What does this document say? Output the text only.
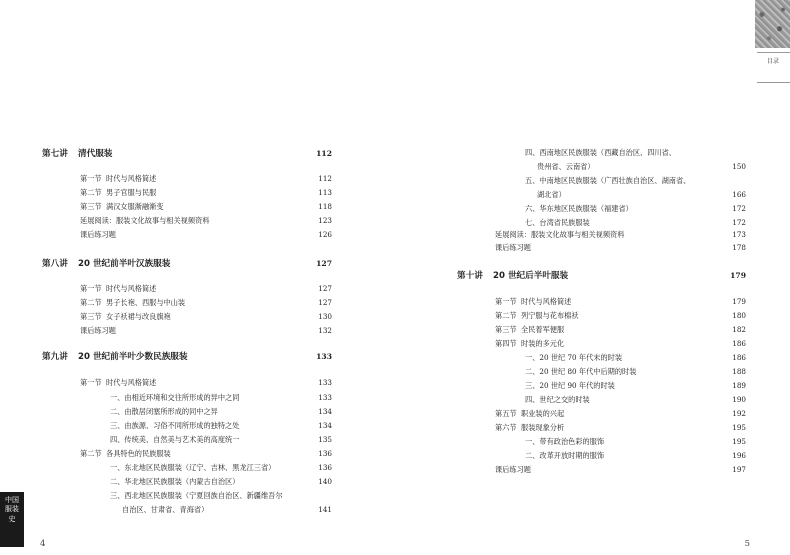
第七讲 清代服装	112
第一节 时代与风格简述	112
第二节 男子官服与民服	113
第三节 满汉女服渐融渐变	118
延展阅读：服装文化故事与相关视频资料	123
课后练习题	126
第八讲 20 世纪前半叶汉族服装	127
第一节 时代与风格简述	127
第二节 男子长袍、西服与中山装	127
第三节 女子袄裙与改良旗袍	130
课后练习题	132
第九讲 20 世纪前半叶少数民族服装	133
第一节 时代与风格简述	133
一、由相近环境和交往所形成的异中之同	133
二、由散居闭塞所形成的同中之异	134
三、由族源、习俗不同所形成的独特之处	134
四、传统美、自然美与艺术美的高度统一	135
第二节 各具特色的民族服装	136
一、东北地区民族服装（辽宁、吉林、黑龙江三省）	136
二、华北地区民族服装（内蒙古自治区）	140
三、西北地区民族服装（宁夏回族自治区、新疆维吾尔
自治区、甘肃省、青海省）	141
中国服装史
4
四、西南地区民族服装（西藏自治区、四川省、
贵州省、云南省）	150
五、中南地区民族服装（广西壮族自治区、湖南省、
湖北省）	166
六、华东地区民族服装（福建省）	172
七、台湾省民族服装	172
延展阅读：服装文化故事与相关视频资料	173
课后练习题	178
第十讲 20 世纪后半叶服装	179
第一节 时代与风格简述	179
第二节 列宁服与花布棉袄	180
第三节 全民着军便服	182
第四节 时装的多元化	186
一、20 世纪 70 年代末的时装	186
二、20 世纪 80 年代中后期的时装	188
三、20 世纪 90 年代的时装	189
四、世纪之交的时装	190
第五节 职业装的兴起	192
第六节 服装现象分析	195
一、带有政治色彩的服饰	195
二、改革开放时期的服饰	196
课后练习题	197
目录
5
